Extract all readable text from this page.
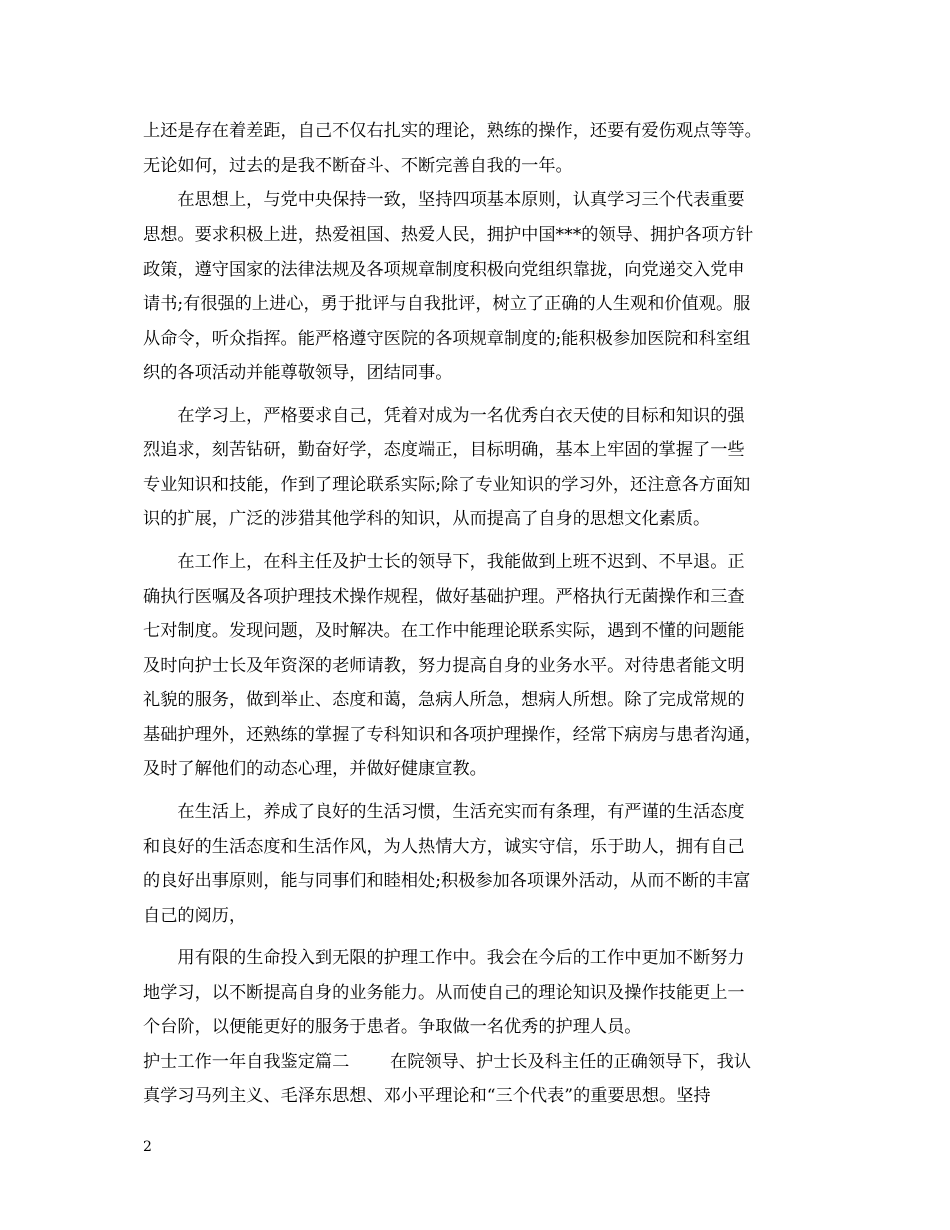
上还是存在着差距，自己不仅右扎实的理论，熟练的操作，还要有爱伤观点等等。
无论如何，过去的是我不断奋斗、不断完善自我的一年。
　　在思想上，与党中央保持一致，坚持四项基本原则，认真学习三个代表重要
思想。要求积极上进，热爱祖国、热爱人民，拥护中国***的领导、拥护各项方针
政策，遵守国家的法律法规及各项规章制度积极向党组织靠拢，向党递交入党申
请书;有很强的上进心，勇于批评与自我批评，树立了正确的人生观和价值观。服
从命令，听众指挥。能严格遵守医院的各项规章制度的;能积极参加医院和科室组
织的各项活动并能尊敬领导，团结同事。
　　在学习上，严格要求自己，凭着对成为一名优秀白衣天使的目标和知识的强
烈追求，刻苦钻研，勤奋好学，态度端正，目标明确，基本上牢固的掌握了一些
专业知识和技能，作到了理论联系实际;除了专业知识的学习外，还注意各方面知
识的扩展，广泛的涉猎其他学科的知识，从而提高了自身的思想文化素质。
　　在工作上，在科主任及护士长的领导下，我能做到上班不迟到、不早退。正
确执行医嘱及各项护理技术操作规程，做好基础护理。严格执行无菌操作和三查
七对制度。发现问题，及时解决。在工作中能理论联系实际，遇到不懂的问题能
及时向护士长及年资深的老师请教，努力提高自身的业务水平。对待患者能文明
礼貌的服务，做到举止、态度和蔼，急病人所急，想病人所想。除了完成常规的
基础护理外，还熟练的掌握了专科知识和各项护理操作，经常下病房与患者沟通，
及时了解他们的动态心理，并做好健康宣教。
　　在生活上，养成了良好的生活习惯，生活充实而有条理，有严谨的生活态度
和良好的生活态度和生活作风，为人热情大方，诚实守信，乐于助人，拥有自己
的良好出事原则，能与同事们和睦相处;积极参加各项课外活动，从而不断的丰富
自己的阅历，
　　用有限的生命投入到无限的护理工作中。我会在今后的工作中更加不断努力
地学习，以不断提高自身的业务能力。从而使自己的理论知识及操作技能更上一
个台阶，以便能更好的服务于患者。争取做一名优秀的护理人员。
护士工作一年自我鉴定篇二 在院领导、护士长及科主任的正确领导下，我认
真学习马列主义、毛泽东思想、邓小平理论和“三个代表”的重要思想。坚持
2
